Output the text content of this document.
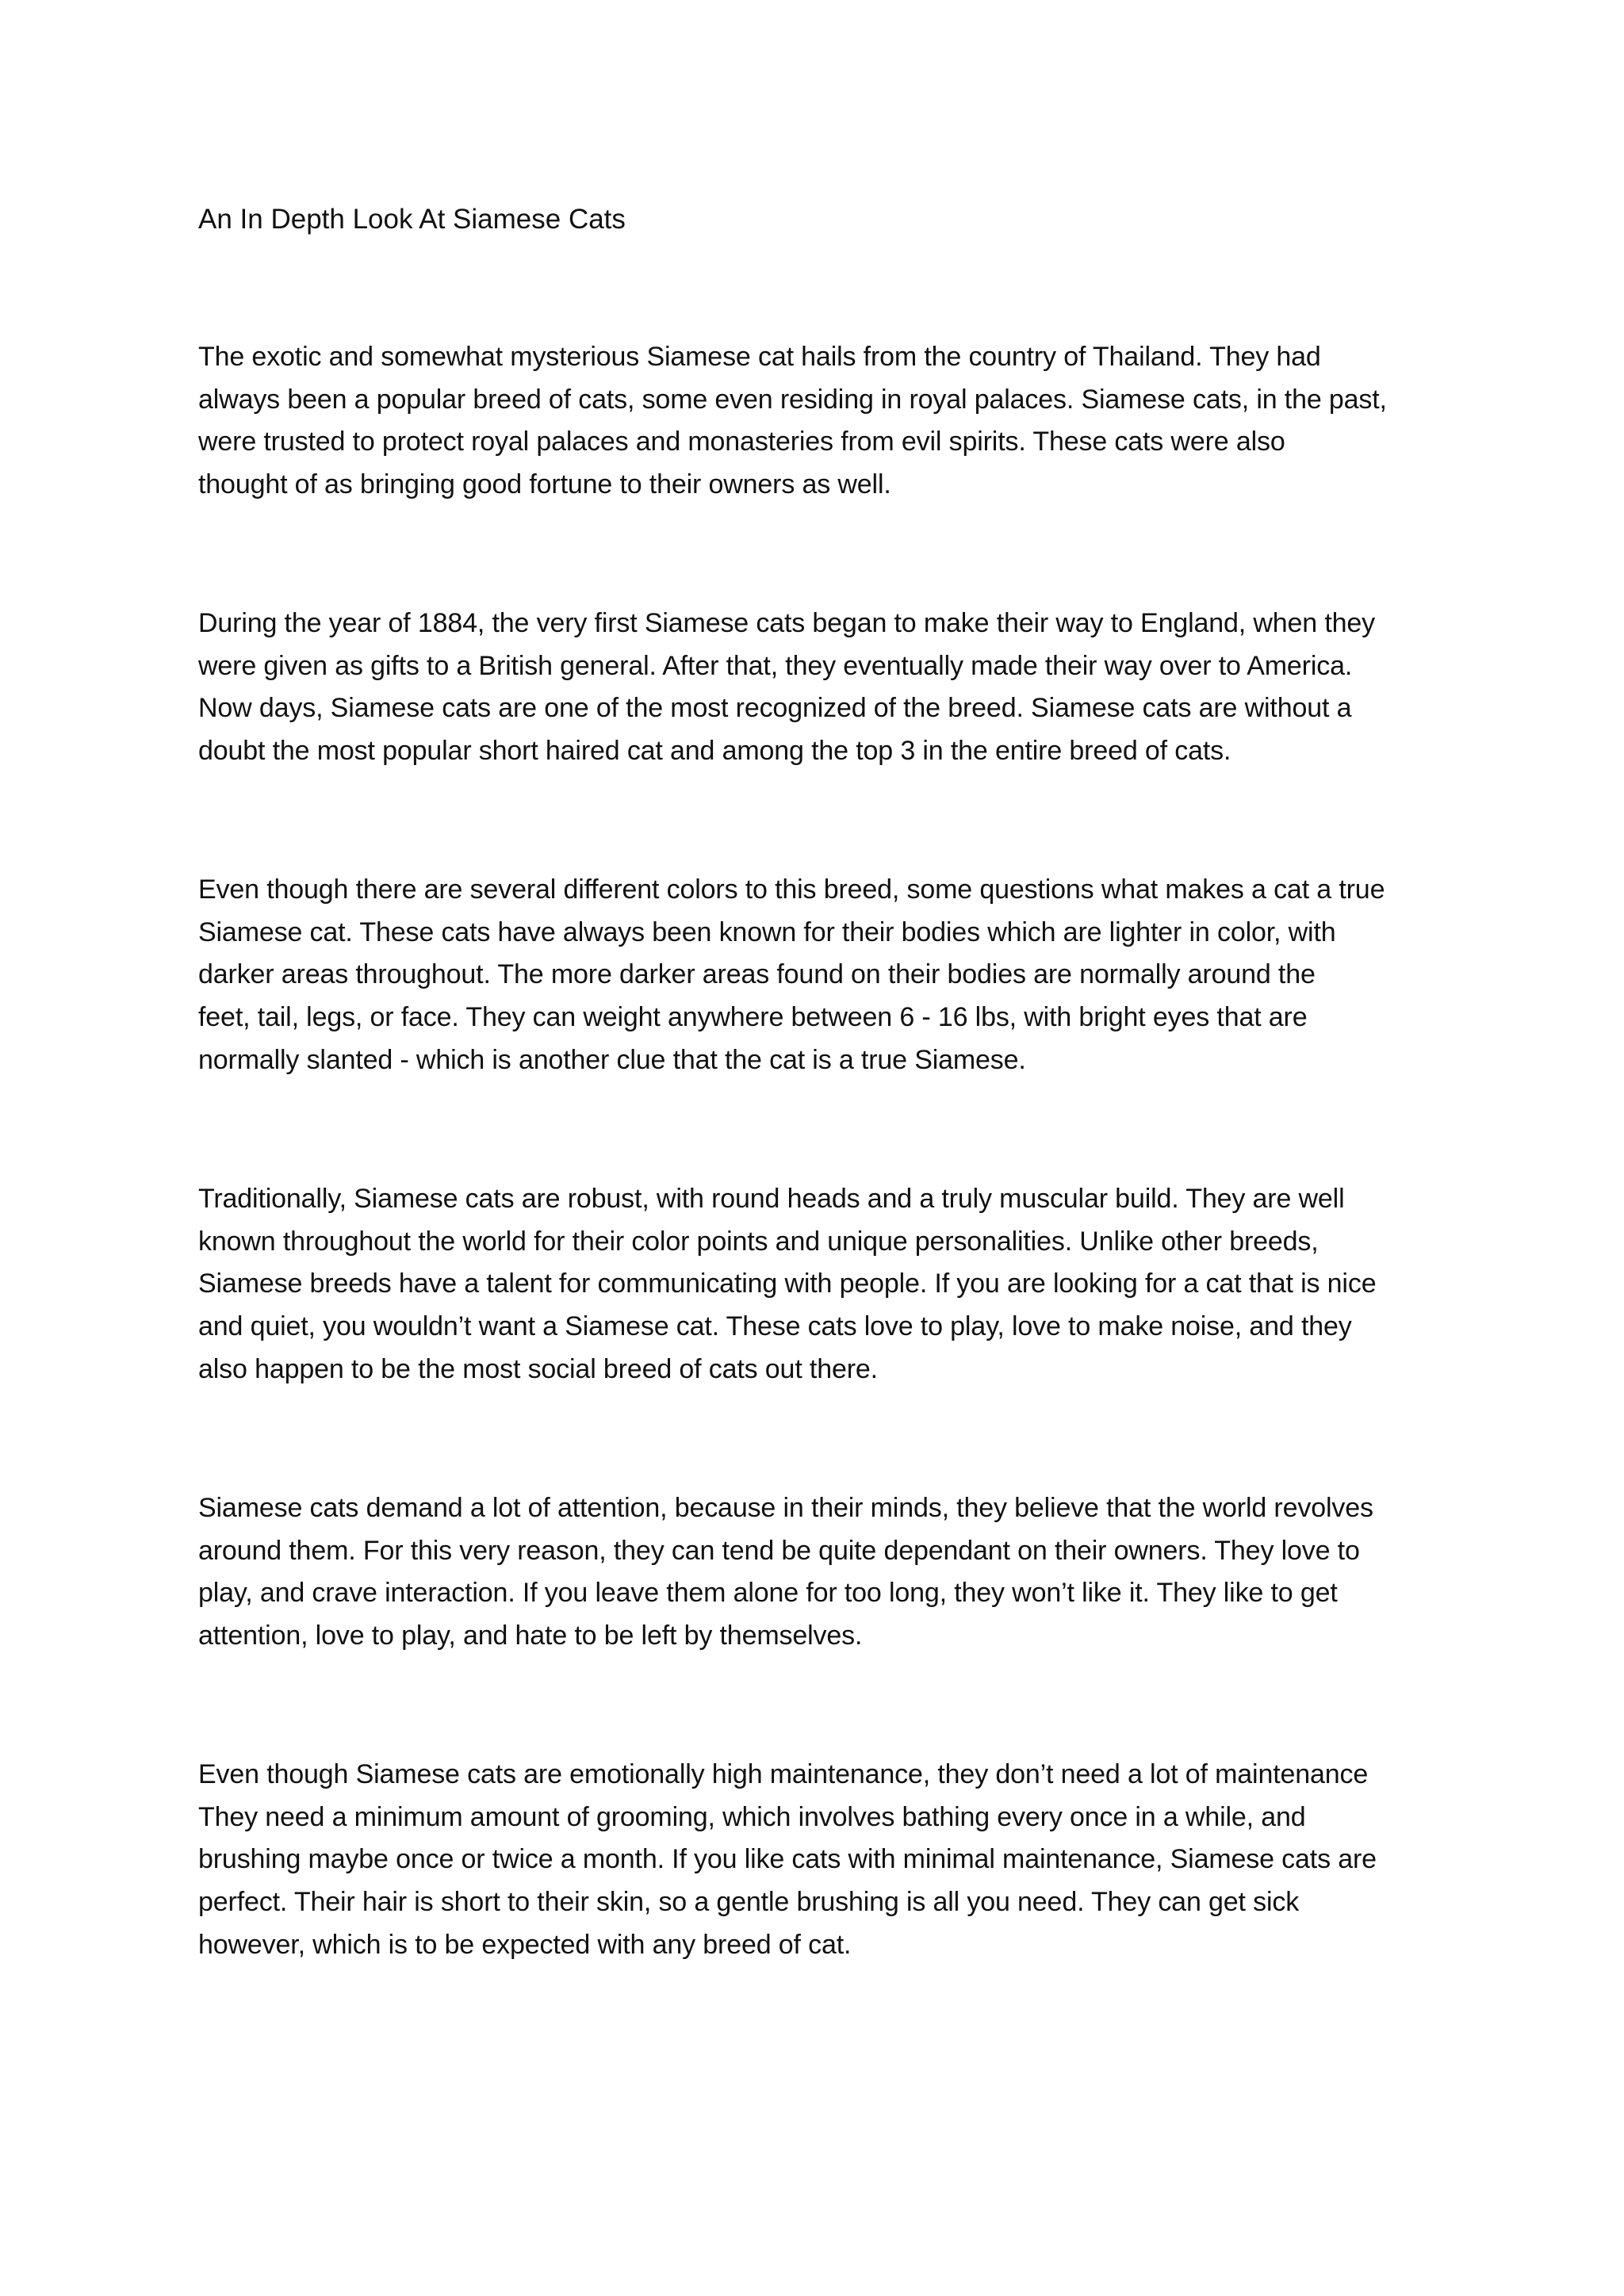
An In Depth Look At Siamese Cats

The exotic and somewhat mysterious Siamese cat hails from the country of Thailand. They had
always been a popular breed of cats, some even residing in royal palaces. Siamese cats, in the past,
were trusted to protect royal palaces and monasteries from evil spirits. These cats were also
thought of as bringing good fortune to their owners as well.

During the year of 1884, the very first Siamese cats began to make their way to England, when they
were given as gifts to a British general. After that, they eventually made their way over to America.
Now days, Siamese cats are one of the most recognized of the breed. Siamese cats are without a
doubt the most popular short haired cat and among the top 3 in the entire breed of cats.

Even though there are several different colors to this breed, some questions what makes a cat a true
Siamese cat. These cats have always been known for their bodies which are lighter in color, with
darker areas throughout. The more darker areas found on their bodies are normally around the
feet, tail, legs, or face. They can weight anywhere between 6 - 16 lbs, with bright eyes that are
normally slanted - which is another clue that the cat is a true Siamese.

Traditionally, Siamese cats are robust, with round heads and a truly muscular build. They are well
known throughout the world for their color points and unique personalities. Unlike other breeds,
Siamese breeds have a talent for communicating with people. If you are looking for a cat that is nice
and quiet, you wouldn’t want a Siamese cat. These cats love to play, love to make noise, and they
also happen to be the most social breed of cats out there.

Siamese cats demand a lot of attention, because in their minds, they believe that the world revolves
around them. For this very reason, they can tend be quite dependant on their owners. They love to
play, and crave interaction. If you leave them alone for too long, they won’t like it. They like to get
attention, love to play, and hate to be left by themselves.

Even though Siamese cats are emotionally high maintenance, they don’t need a lot of maintenance
They need a minimum amount of grooming, which involves bathing every once in a while, and
brushing maybe once or twice a month. If you like cats with minimal maintenance, Siamese cats are
perfect. Their hair is short to their skin, so a gentle brushing is all you need. They can get sick
however, which is to be expected with any breed of cat.
